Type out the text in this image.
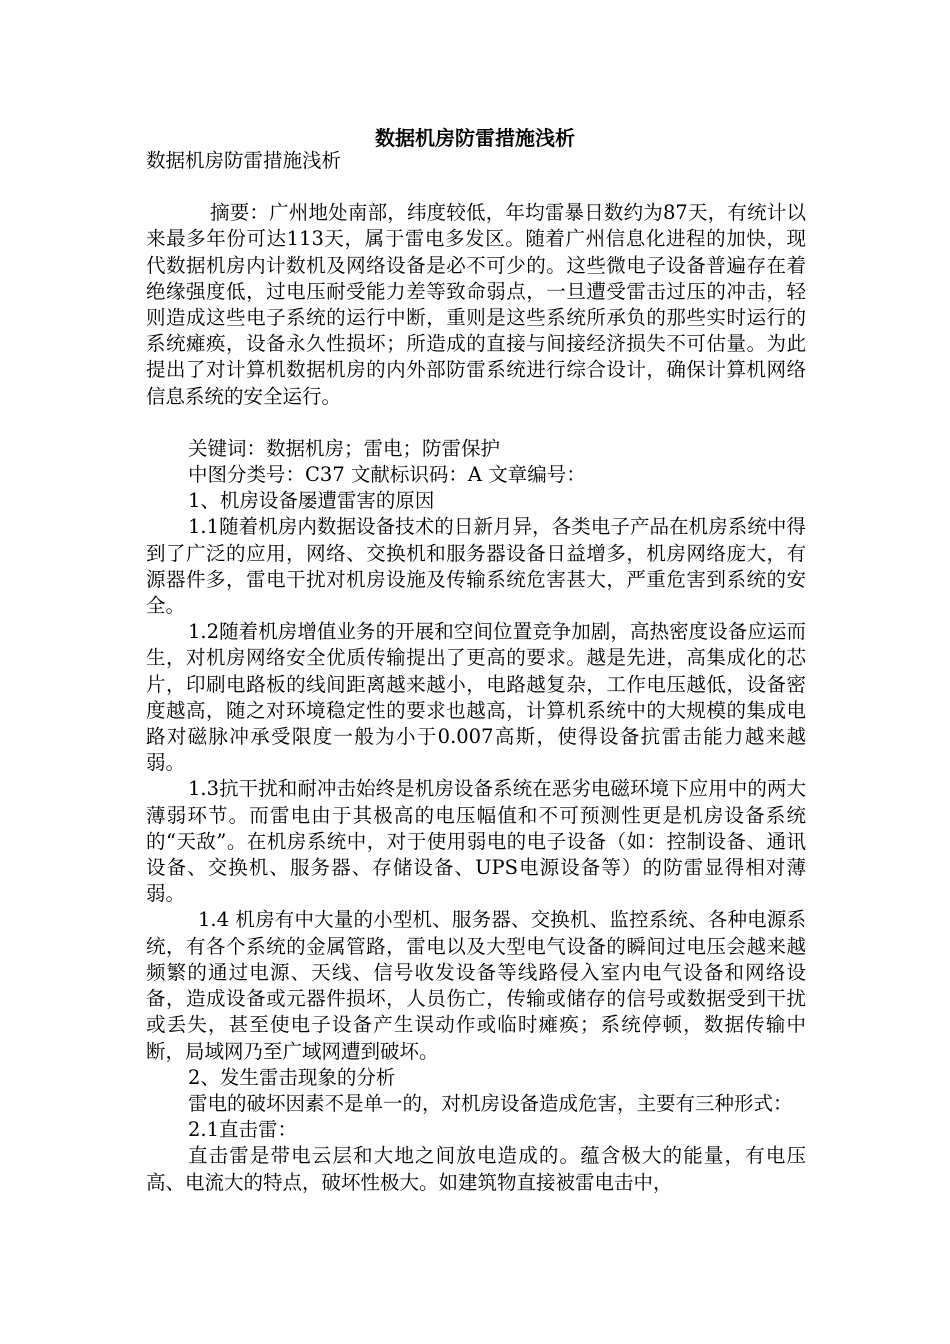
数据机房防雷措施浅析

数据机房防雷措施浅析

摘要：广州地处南部，纬度较低，年均雷暴日数约为87天，有统计以来最多年份可达113天，属于雷电多发区。随着广州信息化进程的加快，现代数据机房内计数机及网络设备是必不可少的。这些微电子设备普遍存在着绝缘强度低，过电压耐受能力差等致命弱点，一旦遭受雷击过压的冲击，轻则造成这些电子系统的运行中断，重则是这些系统所承负的那些实时运行的系统瘫痪，设备永久性损坏；所造成的直接与间接经济损失不可估量。为此提出了对计算机数据机房的内外部防雷系统进行综合设计，确保计算机网络信息系统的安全运行。

关键词：数据机房；雷电；防雷保护

中图分类号：C37 文献标识码：A 文章编号：

1、机房设备屡遭雷害的原因

1.1随着机房内数据设备技术的日新月异，各类电子产品在机房系统中得到了广泛的应用，网络、交换机和服务器设备日益增多，机房网络庞大，有源器件多，雷电干扰对机房设施及传输系统危害甚大，严重危害到系统的安全。

1.2随着机房增值业务的开展和空间位置竞争加剧，高热密度设备应运而生，对机房网络安全优质传输提出了更高的要求。越是先进，高集成化的芯片，印刷电路板的线间距离越来越小，电路越复杂，工作电压越低，设备密度越高，随之对环境稳定性的要求也越高，计算机系统中的大规模的集成电路对磁脉冲承受限度一般为小于0.007高斯，使得设备抗雷击能力越来越弱。

1.3抗干扰和耐冲击始终是机房设备系统在恶劣电磁环境下应用中的两大薄弱环节。而雷电由于其极高的电压幅值和不可预测性更是机房设备系统的“天敌”。在机房系统中，对于使用弱电的电子设备（如：控制设备、通讯设备、交换机、服务器、存储设备、UPS电源设备等）的防雷显得相对薄弱。

1.4 机房有中大量的小型机、服务器、交换机、监控系统、各种电源系统，有各个系统的金属管路，雷电以及大型电气设备的瞬间过电压会越来越频繁的通过电源、天线、信号收发设备等线路侵入室内电气设备和网络设备，造成设备或元器件损坏，人员伤亡，传输或储存的信号或数据受到干扰或丢失，甚至使电子设备产生误动作或临时瘫痪；系统停顿，数据传输中断，局域网乃至广域网遭到破坏。

2、发生雷击现象的分析

雷电的破坏因素不是单一的，对机房设备造成危害，主要有三种形式：

2.1直击雷：

直击雷是带电云层和大地之间放电造成的。蕴含极大的能量，有电压高、电流大的特点，破坏性极大。如建筑物直接被雷电击中，
